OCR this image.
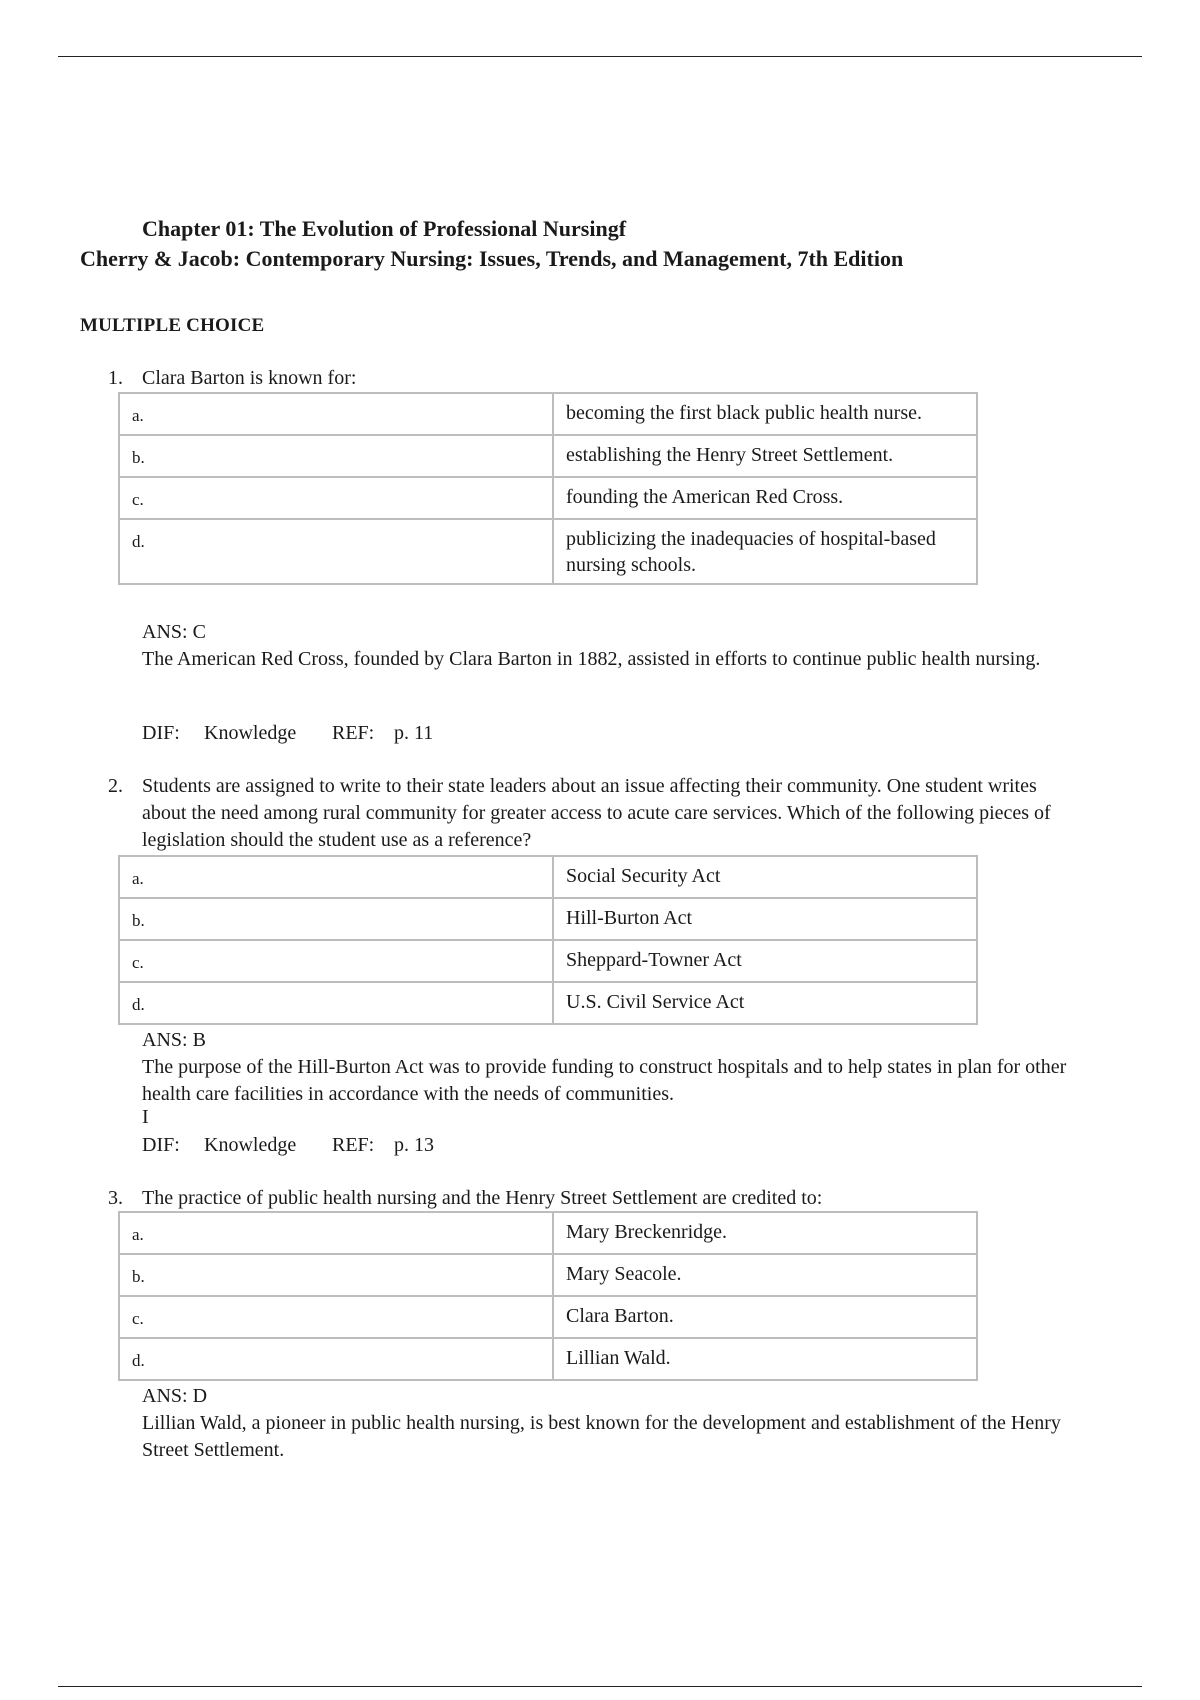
Chapter 01: The Evolution of Professional Nursingf
Cherry & Jacob: Contemporary Nursing: Issues, Trends, and Management, 7th Edition
MULTIPLE CHOICE
1. Clara Barton is known for:
a.	becoming the first black public health nurse.
b.	establishing the Henry Street Settlement.
c.	founding the American Red Cross.
d.	publicizing the inadequacies of hospital-based nursing schools.
ANS: C
The American Red Cross, founded by Clara Barton in 1882, assisted in efforts to continue public health nursing.
DIF: Knowledge REF: p. 11
2. Students are assigned to write to their state leaders about an issue affecting their community. One student writes about the need among rural community for greater access to acute care services. Which of the following pieces of legislation should the student use as a reference?
a.	Social Security Act
b.	Hill-Burton Act
c.	Sheppard-Towner Act
d.	U.S. Civil Service Act
ANS: B
The purpose of the Hill-Burton Act was to provide funding to construct hospitals and to help states in plan for other health care facilities in accordance with the needs of communities.
I
DIF: Knowledge REF: p. 13
3. The practice of public health nursing and the Henry Street Settlement are credited to:
a.	Mary Breckenridge.
b.	Mary Seacole.
c.	Clara Barton.
d.	Lillian Wald.
ANS: D
Lillian Wald, a pioneer in public health nursing, is best known for the development and establishment of the Henry Street Settlement.
